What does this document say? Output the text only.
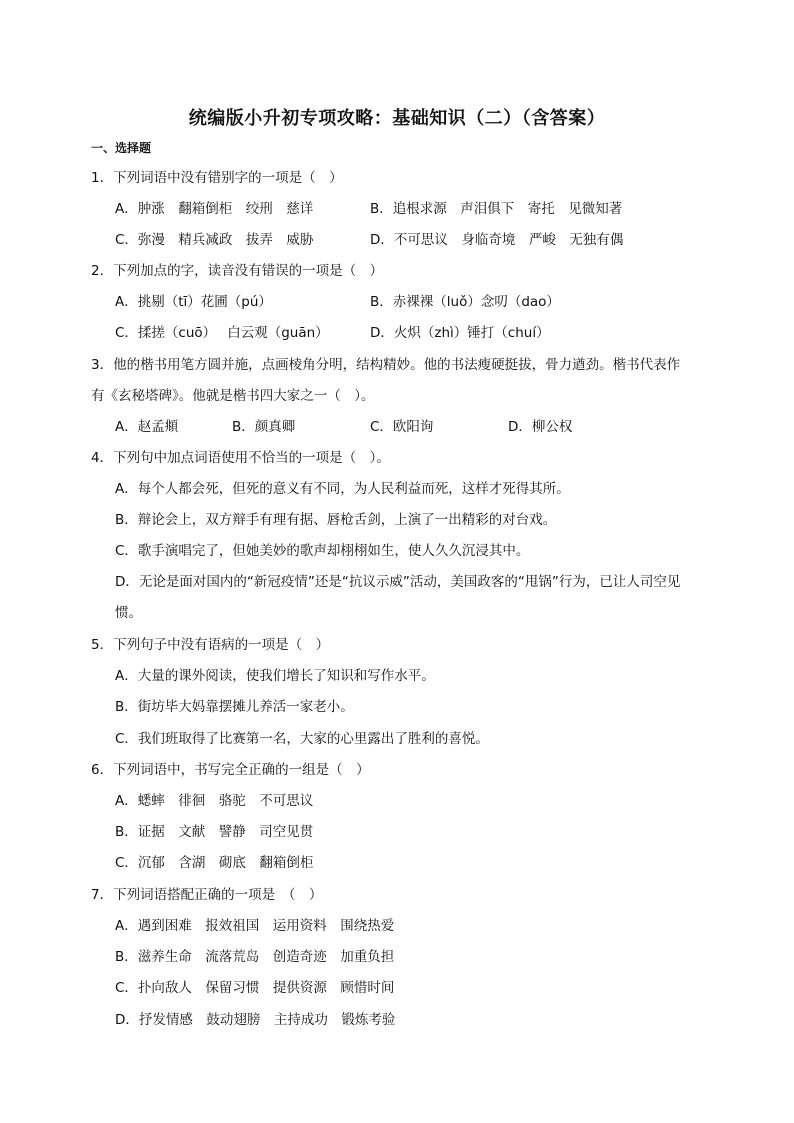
统编版小升初专项攻略：基础知识（二）（含答案）
一、选择题
1．下列词语中没有错别字的一项是（　）
A．肿涨　翻箱倒柜　绞刑　慈详	B．追根求源　声泪俱下　寄托　见微知著
C．弥漫　精兵减政　拔弄　威胁	D．不可思议　身临奇境　严峻　无独有偶
2．下列加点的字，读音没有错误的一项是（　）
A．挑剔（tī）花圃（pú）	B．赤裸裸（luǒ）念叨（dao）
C．揉搓（cuō）　 白云观（guān）	D．火炽（zhì）锤打（chuí）
3．他的楷书用笔方圆并施，点画棱角分明，结构精妙。他的书法瘦硬挺拔，骨力遒劲。楷书代表作
有《玄秘塔碑》。他就是楷书四大家之一（　）。
A．赵孟頫	B．颜真卿	C．欧阳询	D．柳公权
4．下列句中加点词语使用不恰当的一项是（　）。
A．每个人都会死，但死的意义有不同，为人民利益而死，这样才死得其所。
B．辩论会上，双方辩手有理有据、唇枪舌剑，上演了一出精彩的对台戏。
C．歌手演唱完了，但她美妙的歌声却栩栩如生，使人久久沉浸其中。
D．无论是面对国内的“新冠疫情”还是“抗议示威”活动，美国政客的“甩锅”行为，已让人司空见
惯。
5．下列句子中没有语病的一项是（　）
A．大量的课外阅读，使我们增长了知识和写作水平。
B．街坊毕大妈靠摆摊儿养活一家老小。
C．我们班取得了比赛第一名，大家的心里露出了胜利的喜悦。
6．下列词语中，书写完全正确的一组是（　）
A．蟋蟀　徘徊　骆驼　不可思议
B．证据　文献　譬静　司空见贯
C．沉郁　含湖　砌底　翻箱倒柜
7．下列词语搭配正确的一项是　（　）
A．遇到困难　报效祖国　运用资料　围绕热爱
B．滋养生命　流落荒岛　创造奇迹　加重负担
C．扑向敌人　保留习惯　提供资源　顾惜时间
D．抒发情感　鼓动翅膀　主持成功　锻炼考验
